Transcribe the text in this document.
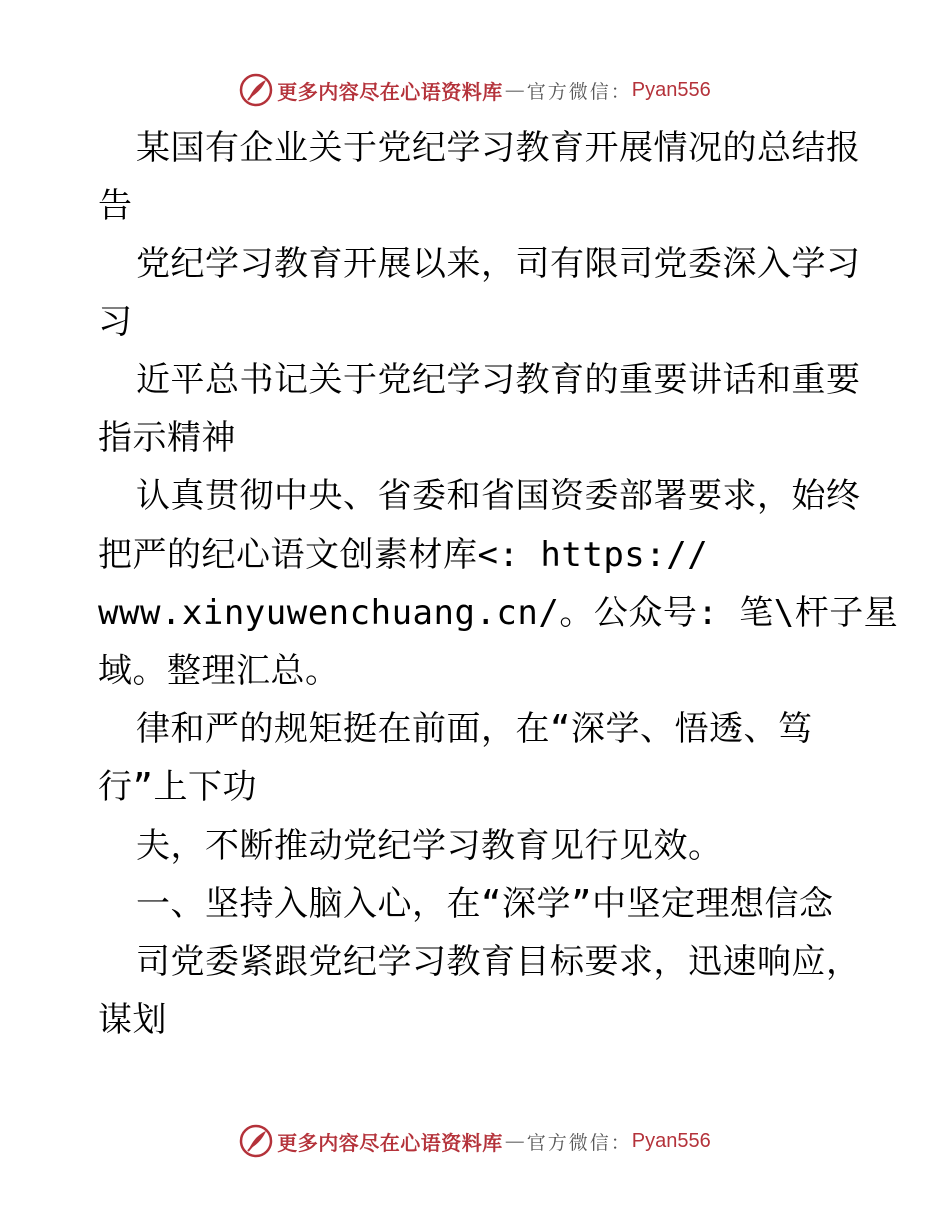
更多内容尽在心语资料库 — 官方微信： Pyan556

某国有企业关于党纪学习教育开展情况的总结报

告

党纪学习教育开展以来，司有限司党委深入学习

习

近平总书记关于党纪学习教育的重要讲话和重要

指示精神

认真贯彻中央、省委和省国资委部署要求，始终

把严的纪心语文创素材库<: https://

www.xinyuwenchuang.cn/。公众号: 笔\杆子星

域。整理汇总。

律和严的规矩挺在前面，在“深学、悟透、笃

行”上下功

夫，不断推动党纪学习教育见行见效。

一、坚持入脑入心，在“深学”中坚定理想信念

司党委紧跟党纪学习教育目标要求，迅速响应，

谋划

更多内容尽在心语资料库 — 官方微信： Pyan556
